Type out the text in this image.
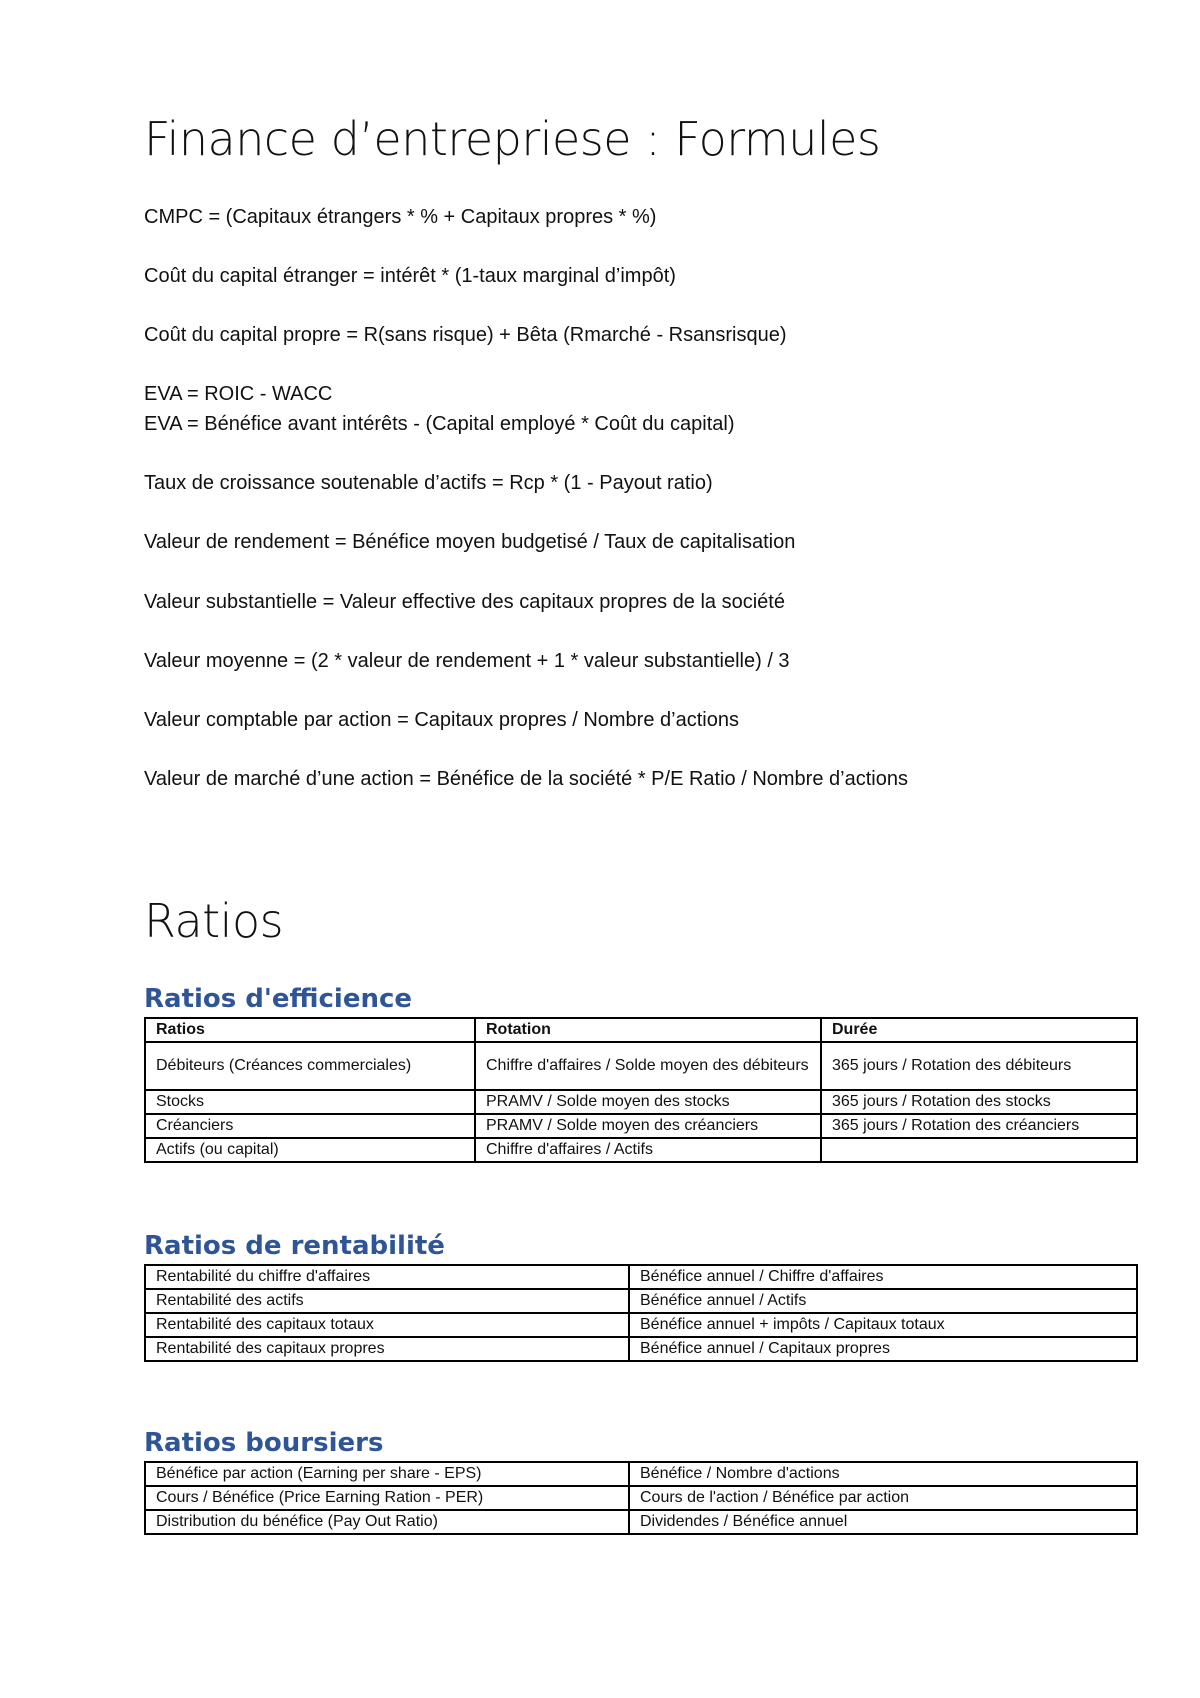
Finance d’entrepriese : Formules

CMPC = (Capitaux étrangers * % + Capitaux propres * %)

Coût du capital étranger = intérêt * (1-taux marginal d’impôt)

Coût du capital propre = R(sans risque) + Bêta (Rmarché - Rsansrisque)

EVA = ROIC - WACC

EVA = Bénéfice avant intérêts - (Capital employé * Coût du capital)

Taux de croissance soutenable d’actifs = Rcp * (1 - Payout ratio)

Valeur de rendement = Bénéfice moyen budgetisé / Taux de capitalisation

Valeur substantielle = Valeur effective des capitaux propres de la société

Valeur moyenne = (2 * valeur de rendement + 1 * valeur substantielle) / 3

Valeur comptable par action = Capitaux propres / Nombre d’actions

Valeur de marché d’une action = Bénéfice de la société * P/E Ratio / Nombre d’actions

Ratios
Ratios d'efficience
Ratios	Rotation	Durée
Débiteurs (Créances commerciales)	Chiffre d'affaires / Solde moyen des débiteurs	365 jours / Rotation des débiteurs
Stocks	PRAMV / Solde moyen des stocks	365 jours / Rotation des stocks
Créanciers	PRAMV / Solde moyen des créanciers	365 jours / Rotation des créanciers
Actifs (ou capital)	Chiffre d'affaires / Actifs	
Ratios de rentabilité
Rentabilité du chiffre d'affaires	Bénéfice annuel / Chiffre d'affaires
Rentabilité des actifs	Bénéfice annuel / Actifs
Rentabilité des capitaux totaux	Bénéfice annuel + impôts / Capitaux totaux
Rentabilité des capitaux propres	Bénéfice annuel / Capitaux propres
Ratios boursiers
Bénéfice par action (Earning per share - EPS)	Bénéfice / Nombre d'actions
Cours / Bénéfice (Price Earning Ration - PER)	Cours de l'action / Bénéfice par action
Distribution du bénéfice (Pay Out Ratio)	Dividendes / Bénéfice annuel
